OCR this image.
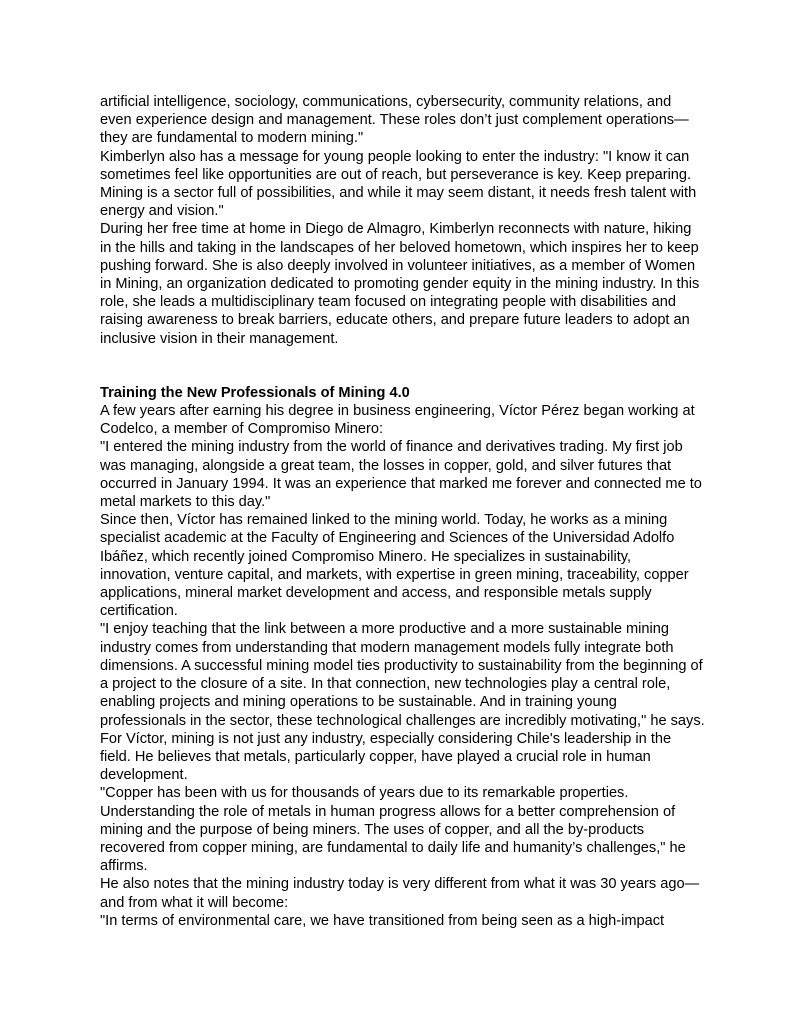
artificial intelligence, sociology, communications, cybersecurity, community relations, and even experience design and management. These roles don’t just complement operations—they are fundamental to modern mining."

Kimberlyn also has a message for young people looking to enter the industry: "I know it can sometimes feel like opportunities are out of reach, but perseverance is key. Keep preparing. Mining is a sector full of possibilities, and while it may seem distant, it needs fresh talent with energy and vision."

During her free time at home in Diego de Almagro, Kimberlyn reconnects with nature, hiking in the hills and taking in the landscapes of her beloved hometown, which inspires her to keep pushing forward. She is also deeply involved in volunteer initiatives, as a member of Women in Mining, an organization dedicated to promoting gender equity in the mining industry. In this role, she leads a multidisciplinary team focused on integrating people with disabilities and raising awareness to break barriers, educate others, and prepare future leaders to adopt an inclusive vision in their management.

Training the New Professionals of Mining 4.0

A few years after earning his degree in business engineering, Víctor Pérez began working at Codelco, a member of Compromiso Minero:

"I entered the mining industry from the world of finance and derivatives trading. My first job was managing, alongside a great team, the losses in copper, gold, and silver futures that occurred in January 1994. It was an experience that marked me forever and connected me to metal markets to this day."

Since then, Víctor has remained linked to the mining world. Today, he works as a mining specialist academic at the Faculty of Engineering and Sciences of the Universidad Adolfo Ibáñez, which recently joined Compromiso Minero. He specializes in sustainability, innovation, venture capital, and markets, with expertise in green mining, traceability, copper applications, mineral market development and access, and responsible metals supply certification.

"I enjoy teaching that the link between a more productive and a more sustainable mining industry comes from understanding that modern management models fully integrate both dimensions. A successful mining model ties productivity to sustainability from the beginning of a project to the closure of a site. In that connection, new technologies play a central role, enabling projects and mining operations to be sustainable. And in training young professionals in the sector, these technological challenges are incredibly motivating," he says.

For Víctor, mining is not just any industry, especially considering Chile's leadership in the field. He believes that metals, particularly copper, have played a crucial role in human development.

"Copper has been with us for thousands of years due to its remarkable properties. Understanding the role of metals in human progress allows for a better comprehension of mining and the purpose of being miners. The uses of copper, and all the by-products recovered from copper mining, are fundamental to daily life and humanity’s challenges," he affirms.

He also notes that the mining industry today is very different from what it was 30 years ago—and from what it will become:

"In terms of environmental care, we have transitioned from being seen as a high-impact
